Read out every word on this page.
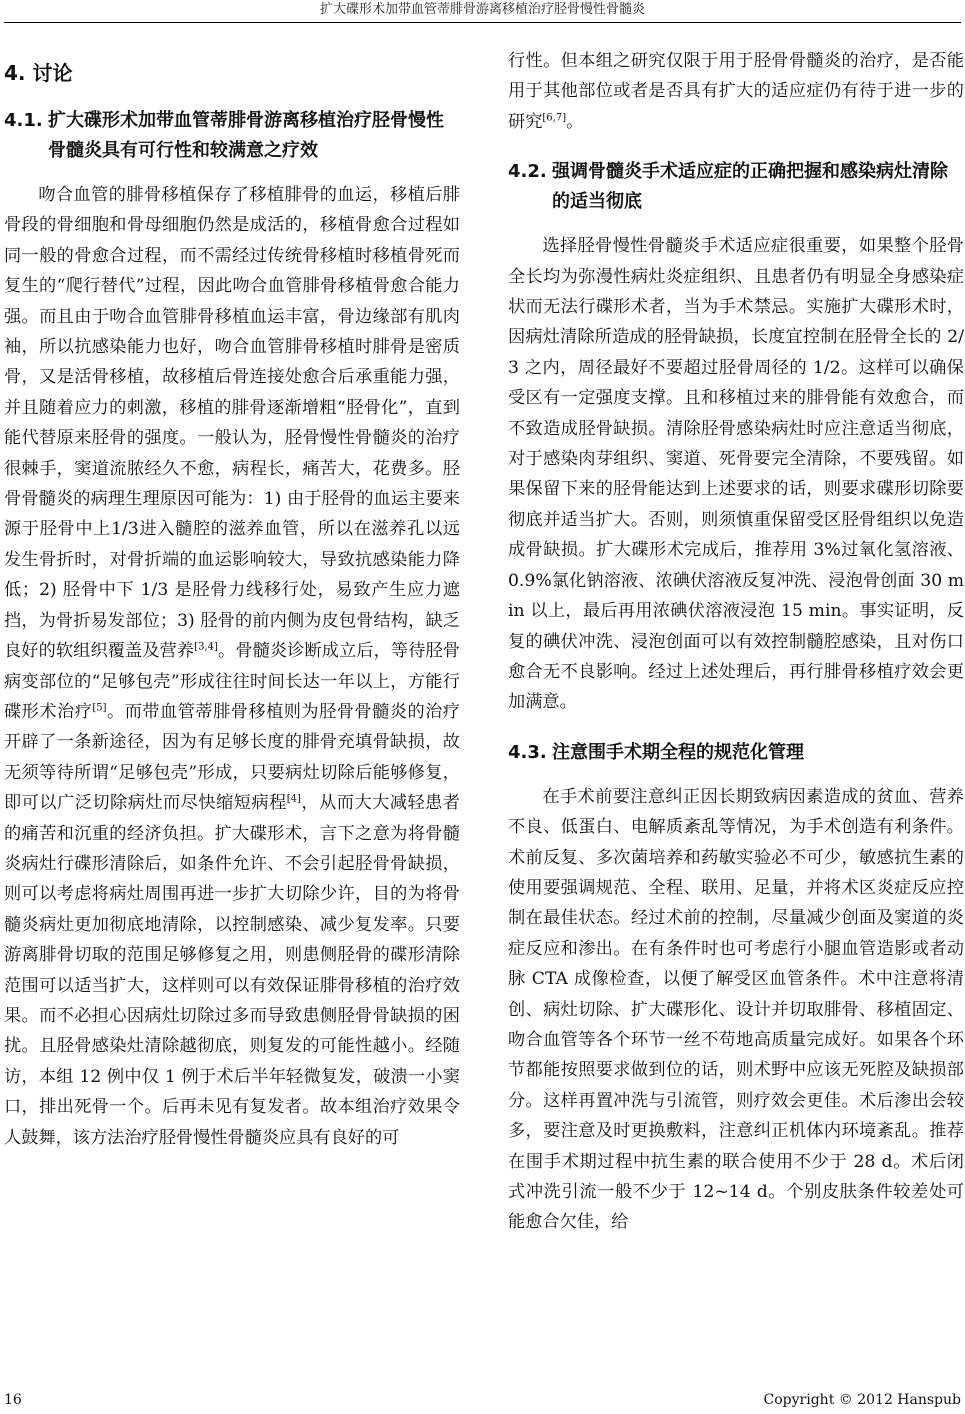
扩大碟形术加带血管蒂腓骨游离移植治疗胫骨慢性骨髓炎
4. 讨论
4.1. 扩大碟形术加带血管蒂腓骨游离移植治疗胫骨慢性骨髓炎具有可行性和较满意之疗效

吻合血管的腓骨移植保存了移植腓骨的血运，移植后腓骨段的骨细胞和骨母细胞仍然是成活的，移植骨愈合过程如同一般的骨愈合过程，而不需经过传统骨移植时移植骨死而复生的“爬行替代”过程，因此吻合血管腓骨移植骨愈合能力强。而且由于吻合血管腓骨移植血运丰富，骨边缘部有肌肉袖，所以抗感染能力也好，吻合血管腓骨移植时腓骨是密质骨，又是活骨移植，故移植后骨连接处愈合后承重能力强，并且随着应力的刺激，移植的腓骨逐渐增粗“胫骨化”，直到能代替原来胫骨的强度。一般认为，胫骨慢性骨髓炎的治疗很棘手，窦道流脓经久不愈，病程长，痛苦大，花费多。胫骨骨髓炎的病理生理原因可能为：1) 由于胫骨的血运主要来源于胫骨中上1/3进入髓腔的滋养血管，所以在滋养孔以远发生骨折时，对骨折端的血运影响较大，导致抗感染能力降低；2) 胫骨中下 1/3 是胫骨力线移行处，易致产生应力遮挡，为骨折易发部位；3) 胫骨的前内侧为皮包骨结构，缺乏良好的软组织覆盖及营养[3,4]。骨髓炎诊断成立后，等待胫骨病变部位的“足够包壳”形成往往时间长达一年以上，方能行碟形术治疗[5]。而带血管蒂腓骨移植则为胫骨骨髓炎的治疗开辟了一条新途径，因为有足够长度的腓骨充填骨缺损，故无须等待所谓“足够包壳”形成，只要病灶切除后能够修复，即可以广泛切除病灶而尽快缩短病程[4]，从而大大减轻患者的痛苦和沉重的经济负担。扩大碟形术，言下之意为将骨髓炎病灶行碟形清除后，如条件允许、不会引起胫骨骨缺损，则可以考虑将病灶周围再进一步扩大切除少许，目的为将骨髓炎病灶更加彻底地清除，以控制感染、减少复发率。只要游离腓骨切取的范围足够修复之用，则患侧胫骨的碟形清除范围可以适当扩大，这样则可以有效保证腓骨移植的治疗效果。而不必担心因病灶切除过多而导致患侧胫骨骨缺损的困扰。且胫骨感染灶清除越彻底，则复发的可能性越小。经随访，本组 12 例中仅 1 例于术后半年轻微复发，破溃一小窦口，排出死骨一个。后再未见有复发者。故本组治疗效果令人鼓舞，该方法治疗胫骨慢性骨髓炎应具有良好的可

行性。但本组之研究仅限于用于胫骨骨髓炎的治疗，是否能用于其他部位或者是否具有扩大的适应症仍有待于进一步的研究[6,7]。

4.2. 强调骨髓炎手术适应症的正确把握和感染病灶清除的适当彻底

选择胫骨慢性骨髓炎手术适应症很重要，如果整个胫骨全长均为弥漫性病灶炎症组织、且患者仍有明显全身感染症状而无法行碟形术者，当为手术禁忌。实施扩大碟形术时，因病灶清除所造成的胫骨缺损，长度宜控制在胫骨全长的 2/3 之内，周径最好不要超过胫骨周径的 1/2。这样可以确保受区有一定强度支撑。且和移植过来的腓骨能有效愈合，而不致造成胫骨缺损。清除胫骨感染病灶时应注意适当彻底，对于感染肉芽组织、窦道、死骨要完全清除，不要残留。如果保留下来的胫骨能达到上述要求的话，则要求碟形切除要彻底并适当扩大。否则，则须慎重保留受区胫骨组织以免造成骨缺损。扩大碟形术完成后，推荐用 3%过氧化氢溶液、0.9%氯化钠溶液、浓碘伏溶液反复冲洗、浸泡骨创面 30 min 以上，最后再用浓碘伏溶液浸泡 15 min。事实证明，反复的碘伏冲洗、浸泡创面可以有效控制髓腔感染，且对伤口愈合无不良影响。经过上述处理后，再行腓骨移植疗效会更加满意。

4.3. 注意围手术期全程的规范化管理

在手术前要注意纠正因长期致病因素造成的贫血、营养不良、低蛋白、电解质紊乱等情况，为手术创造有利条件。术前反复、多次菌培养和药敏实验必不可少，敏感抗生素的使用要强调规范、全程、联用、足量，并将术区炎症反应控制在最佳状态。经过术前的控制，尽量减少创面及窦道的炎症反应和渗出。在有条件时也可考虑行小腿血管造影或者动脉 CTA 成像检查，以便了解受区血管条件。术中注意将清创、病灶切除、扩大碟形化、设计并切取腓骨、移植固定、吻合血管等各个环节一丝不苟地高质量完成好。如果各个环节都能按照要求做到位的话，则术野中应该无死腔及缺损部分。这样再置冲洗与引流管，则疗效会更佳。术后渗出会较多，要注意及时更换敷料，注意纠正机体内环境紊乱。推荐在围手术期过程中抗生素的联合使用不少于 28 d。术后闭式冲洗引流一般不少于 12~14 d。个别皮肤条件较差处可能愈合欠佳，给

16	Copyright © 2012 Hanspub
